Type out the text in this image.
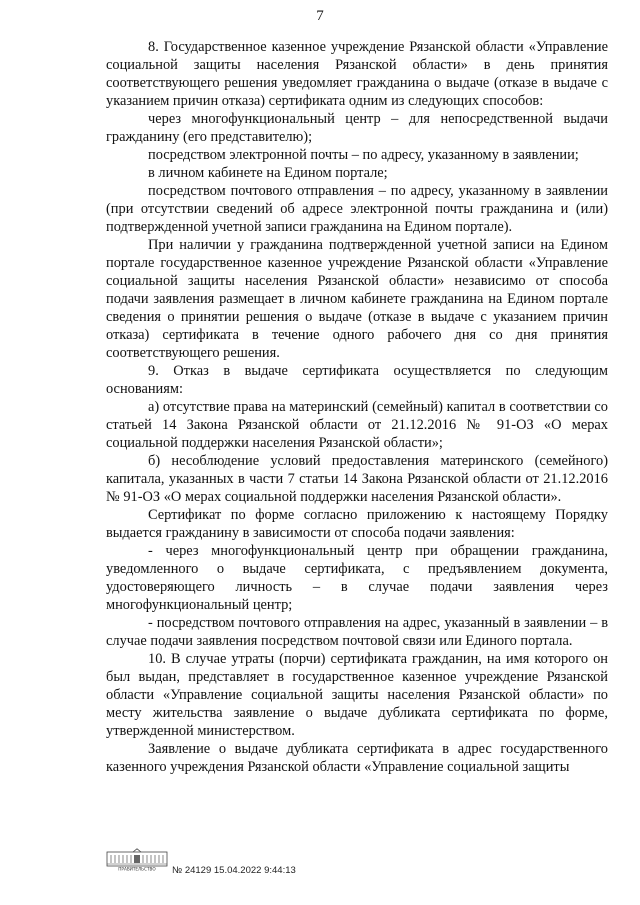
7

8. Государственное казенное учреждение Рязанской области «Управление социальной защиты населения Рязанской области» в день принятия соответствующего решения уведомляет гражданина о выдаче (отказе в выдаче с указанием причин отказа) сертификата одним из следующих способов:

через многофункциональный центр – для непосредственной выдачи гражданину (его представителю);

посредством электронной почты – по адресу, указанному в заявлении;

в личном кабинете на Едином портале;

посредством почтового отправления – по адресу, указанному в заявлении (при отсутствии сведений об адресе электронной почты гражданина и (или) подтвержденной учетной записи гражданина на Едином портале).

При наличии у гражданина подтвержденной учетной записи на Едином портале государственное казенное учреждение Рязанской области «Управление социальной защиты населения Рязанской области» независимо от способа подачи заявления размещает в личном кабинете гражданина на Едином портале сведения о принятии решения о выдаче (отказе в выдаче с указанием причин отказа) сертификата в течение одного рабочего дня со дня принятия соответствующего решения.

9. Отказ в выдаче сертификата осуществляется по следующим основаниям:

а) отсутствие права на материнский (семейный) капитал в соответствии со статьей 14 Закона Рязанской области от 21.12.2016 № 91-ОЗ «О мерах социальной поддержки населения Рязанской области»;

б) несоблюдение условий предоставления материнского (семейного) капитала, указанных в части 7 статьи 14 Закона Рязанской области от 21.12.2016 № 91-ОЗ «О мерах социальной поддержки населения Рязанской области».

Сертификат по форме согласно приложению к настоящему Порядку выдается гражданину в зависимости от способа подачи заявления:

- через многофункциональный центр при обращении гражданина, уведомленного о выдаче сертификата, с предъявлением документа, удостоверяющего личность – в случае подачи заявления через многофункциональный центр;

- посредством почтового отправления на адрес, указанный в заявлении – в случае подачи заявления посредством почтовой связи или Единого портала.

10. В случае утраты (порчи) сертификата гражданин, на имя которого он был выдан, представляет в государственное казенное учреждение Рязанской области «Управление социальной защиты населения Рязанской области» по месту жительства заявление о выдаче дубликата сертификата по форме, утвержденной министерством.

Заявление о выдаче дубликата сертификата в адрес государственного казенного учреждения Рязанской области «Управление социальной защиты

ПРАВИТЕЛЬСТВО № 24129 15.04.2022 9:44:13
